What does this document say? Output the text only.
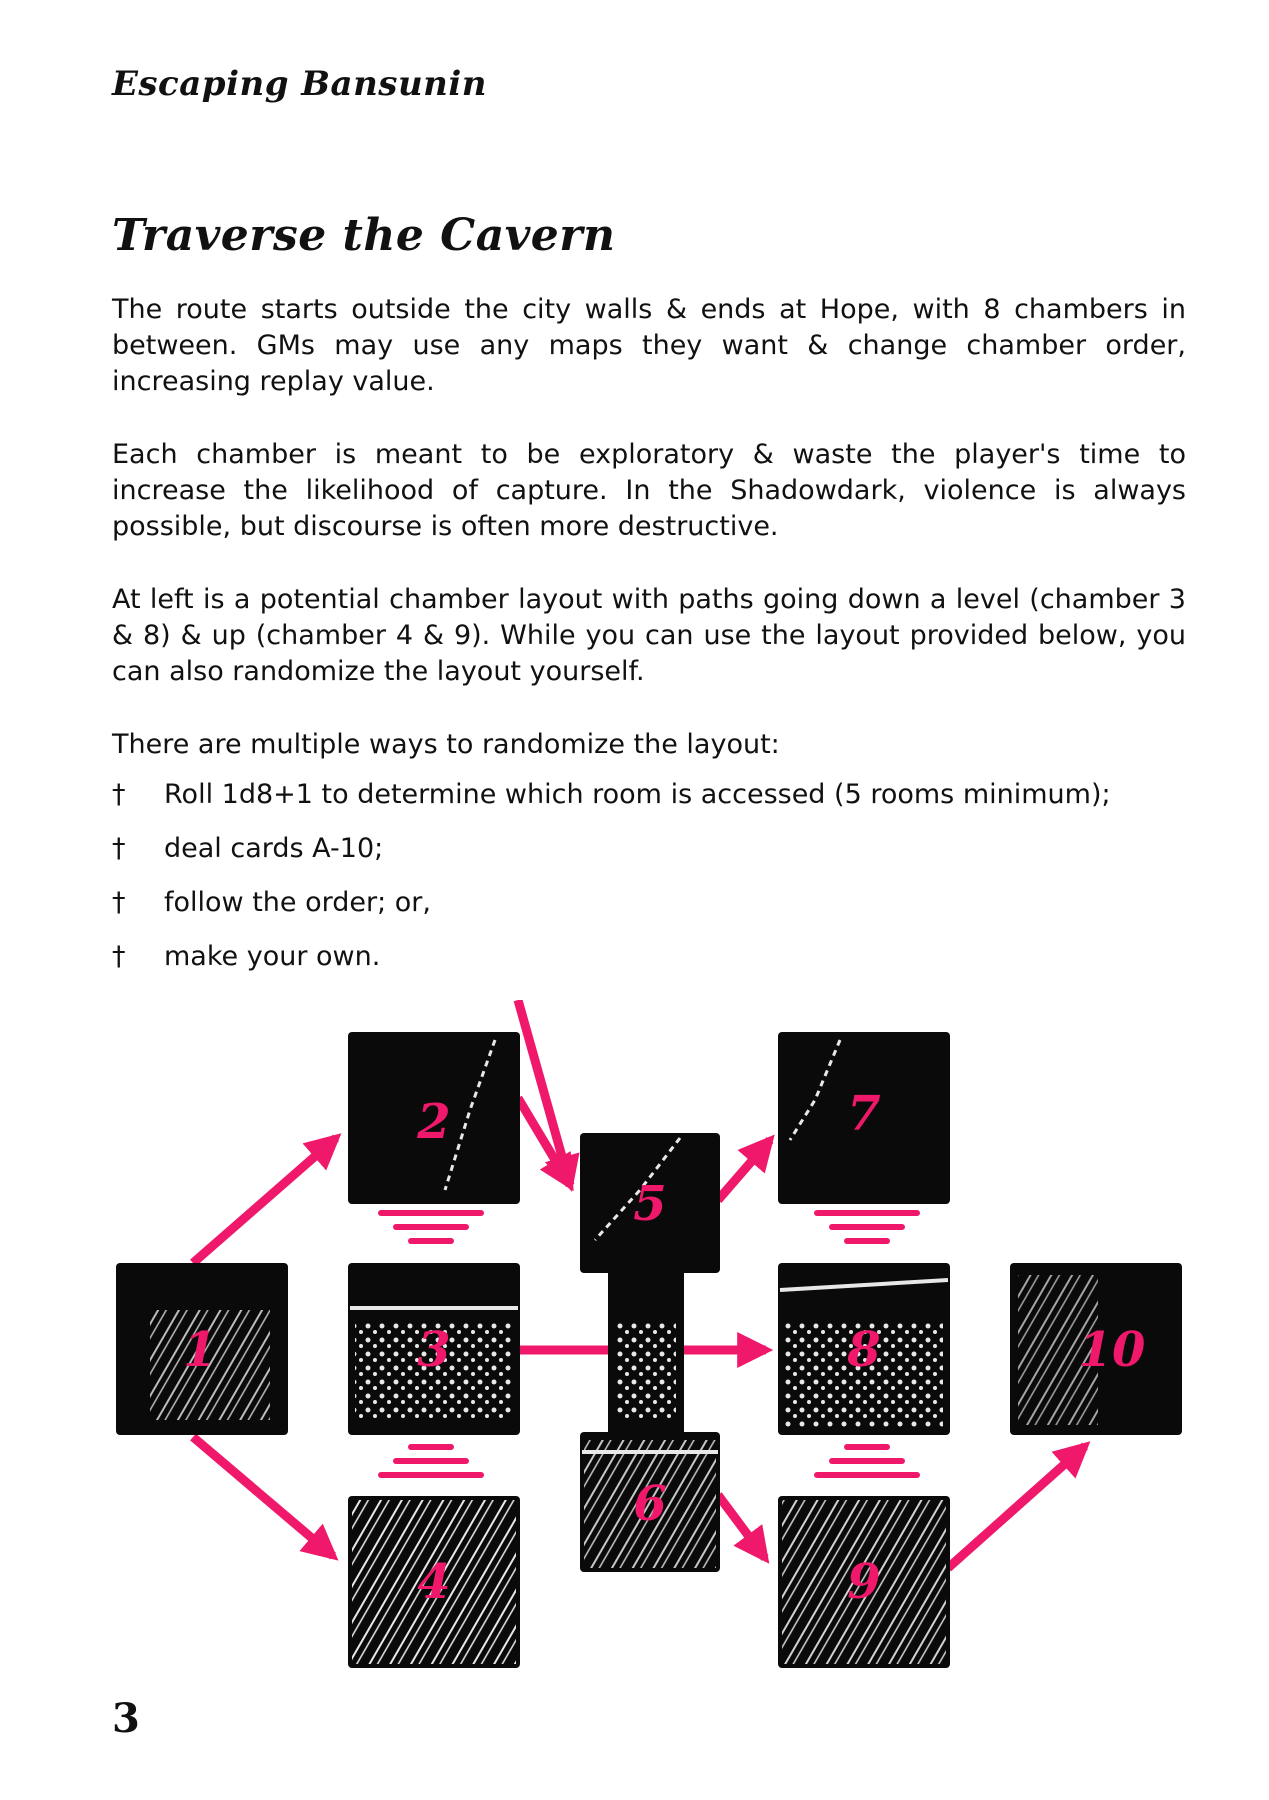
Escaping Bansunin
Traverse the Cavern

The route starts outside the city walls & ends at Hope, with 8 chambers in between. GMs may use any maps they want & change chamber order, increasing replay value.

Each chamber is meant to be exploratory & waste the player's time to increase the likelihood of capture. In the Shadowdark, violence is always possible, but discourse is often more destructive.

At left is a potential chamber layout with paths going down a level (chamber 3 & 8) & up (chamber 4 & 9). While you can use the layout provided below, you can also randomize the layout yourself.

There are multiple ways to randomize the layout:

† Roll 1d8+1 to determine which room is accessed (5 rooms minimum);
† deal cards A-10;
† follow the order; or,
† make your own.
1
2
3
4
5
6
7
8
9
10
3
